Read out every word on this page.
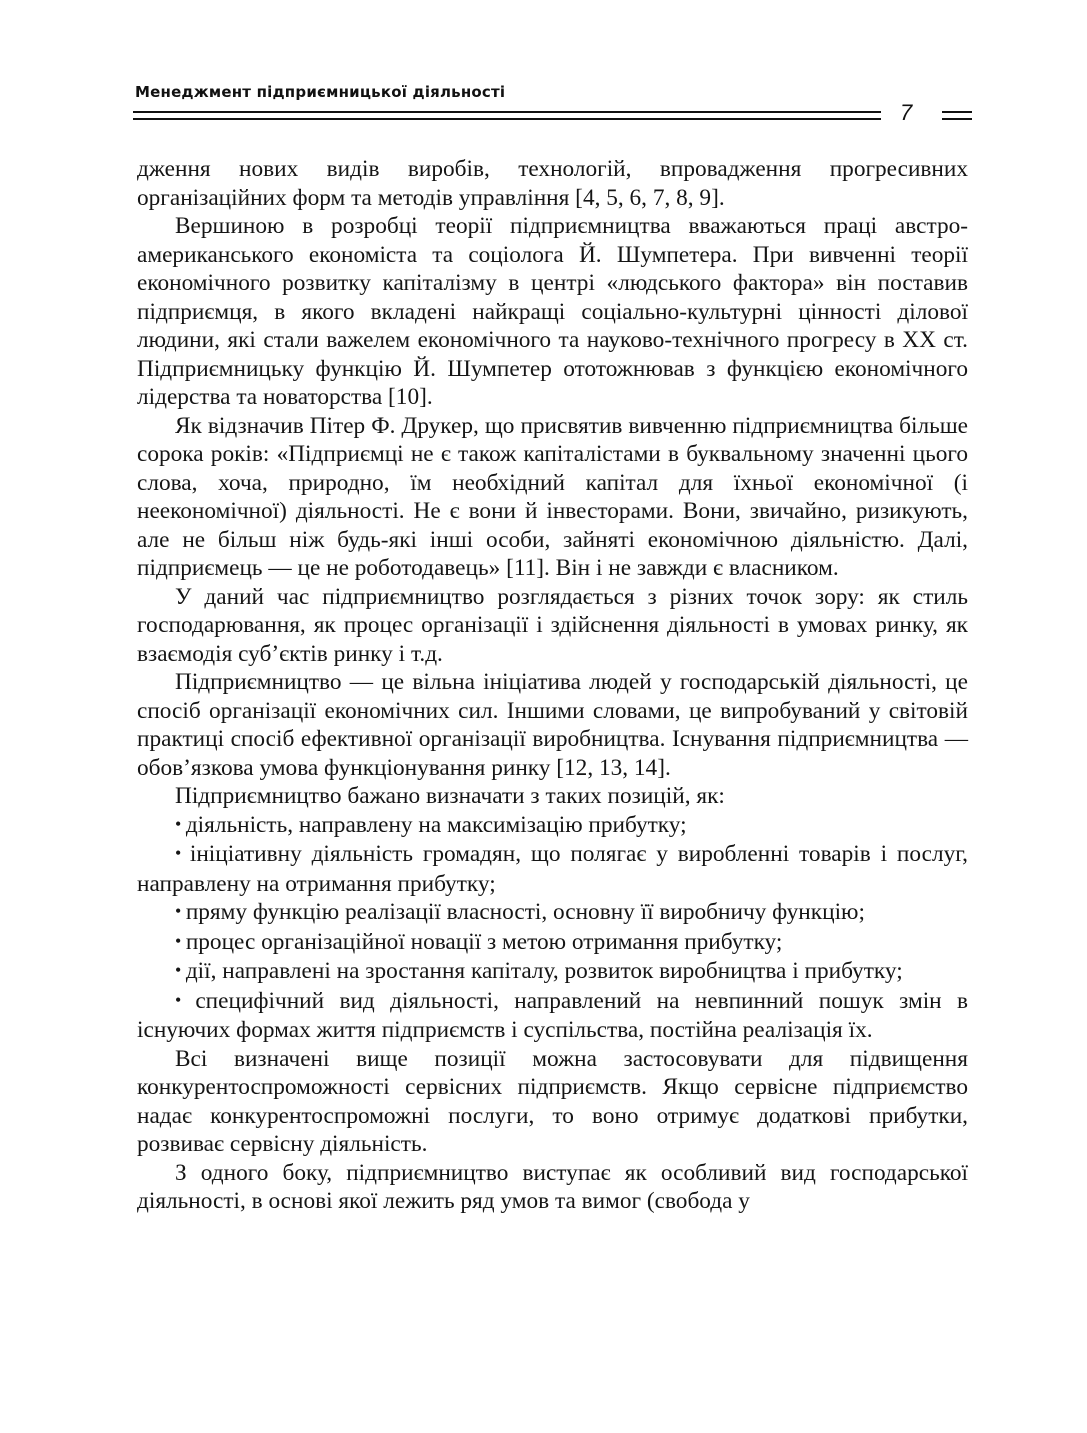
Менеджмент підприємницької діяльності
7

дження нових видів виробів, технологій, впровадження прогресивних організаційних форм та методів управління [4, 5, 6, 7, 8, 9].

Вершиною в розробці теорії підприємництва вважаються праці австро-американського економіста та соціолога Й. Шумпетера. При вивченні теорії економічного розвитку капіталізму в центрі «людського фактора» він поставив підприємця, в якого вкладені найкращі соціально-культурні цінності ділової людини, які стали важелем економічного та науково-технічного прогресу в ХХ ст. Підприємницьку функцію Й. Шумпетер ототожнював з функцією економічного лідерства та новаторства [10].

Як відзначив Пітер Ф. Друкер, що присвятив вивченню підприємництва більше сорока років: «Підприємці не є також капіталістами в буквальному значенні цього слова, хоча, природно, їм необхідний капітал для їхньої економічної (і неекономічної) діяльності. Не є вони й інвесторами. Вони, звичайно, ризикують, але не більш ніж будь-які інші особи, зайняті економічною діяльністю. Далі, підприємець — це не роботодавець» [11]. Він і не завжди є власником.

У даний час підприємництво розглядається з різних точок зору: як стиль господарювання, як процес організації і здійснення діяльності в умовах ринку, як взаємодія суб’єктів ринку і т.д.

Підприємництво — це вільна ініціатива людей у господарській діяльності, це спосіб організації економічних сил. Іншими словами, це випробуваний у світовій практиці спосіб ефективної організації виробництва. Існування підприємництва — обов’язкова умова функціонування ринку [12, 13, 14].

Підприємництво бажано визначати з таких позицій, як:

• діяльність, направлену на максимізацію прибутку;

• ініціативну діяльність громадян, що полягає у виробленні товарів і послуг, направлену на отримання прибутку;

• пряму функцію реалізації власності, основну її виробничу функцію;

• процес організаційної новації з метою отримання прибутку;

• дії, направлені на зростання капіталу, розвиток виробництва і прибутку;

• специфічний вид діяльності, направлений на невпинний пошук змін в існуючих формах життя підприємств і суспільства, постійна реалізація їх.

Всі визначені вище позиції можна застосовувати для підвищення конкурентоспроможності сервісних підприємств. Якщо сервісне підприємство надає конкурентоспроможні послуги, то воно отримує додаткові прибутки, розвиває сервісну діяльність.

З одного боку, підприємництво виступає як особливий вид господарської діяльності, в основі якої лежить ряд умов та вимог (свобода у
